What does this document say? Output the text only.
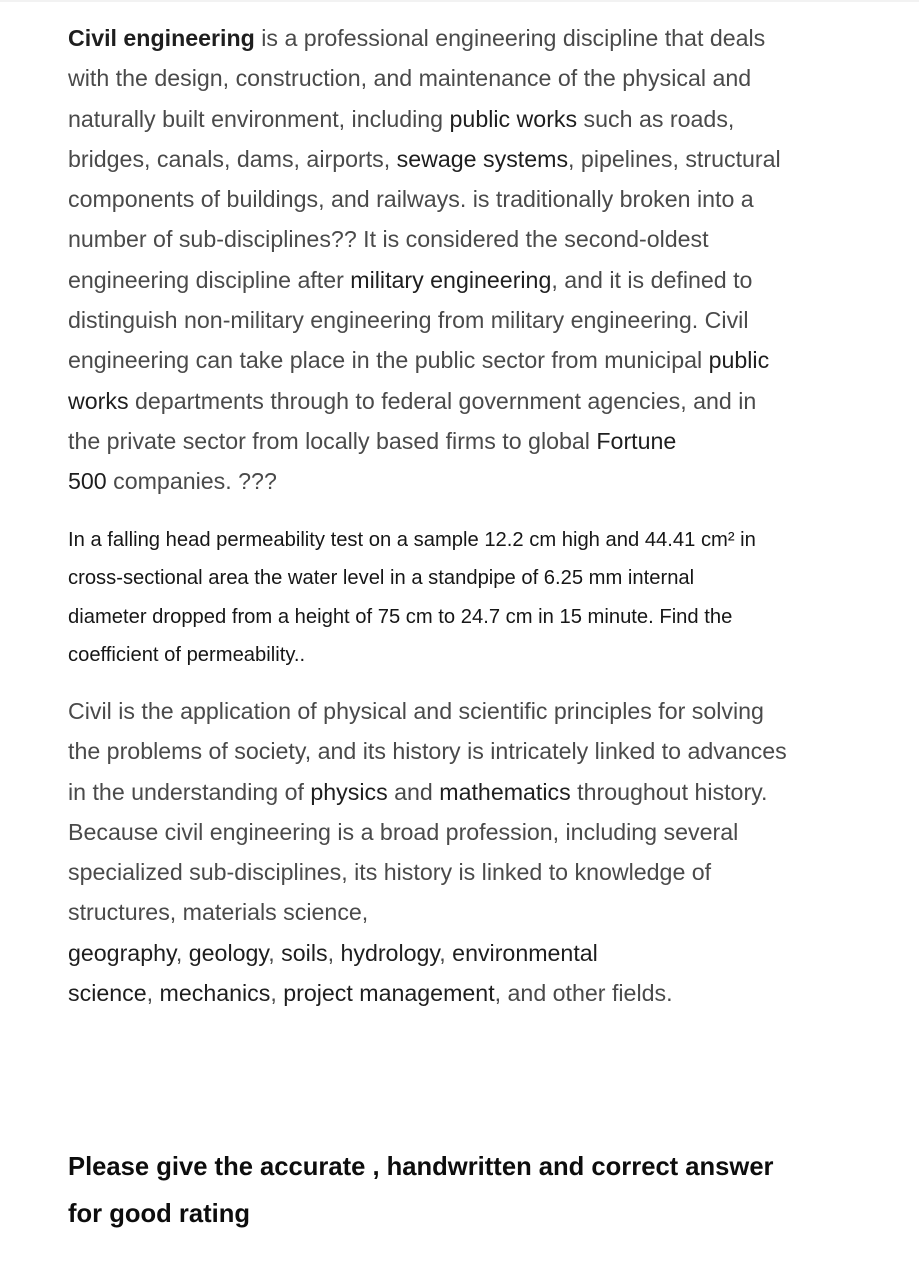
Civil engineering is a professional engineering discipline that deals
with the design, construction, and maintenance of the physical and
naturally built environment, including public works such as roads,
bridges, canals, dams, airports, sewage systems, pipelines, structural
components of buildings, and railways. is traditionally broken into a
number of sub-disciplines?? It is considered the second-oldest
engineering discipline after military engineering, and it is defined to
distinguish non-military engineering from military engineering. Civil
engineering can take place in the public sector from municipal public
works departments through to federal government agencies, and in
the private sector from locally based firms to global Fortune
500 companies. ???
In a falling head permeability test on a sample 12.2 cm high and 44.41 cm² in
cross-sectional area the water level in a standpipe of 6.25 mm internal
diameter dropped from a height of 75 cm to 24.7 cm in 15 minute. Find the
coefficient of permeability..
Civil is the application of physical and scientific principles for solving
the problems of society, and its history is intricately linked to advances
in the understanding of physics and mathematics throughout history.
Because civil engineering is a broad profession, including several
specialized sub-disciplines, its history is linked to knowledge of
structures, materials science,
geography, geology, soils, hydrology, environmental
science, mechanics, project management, and other fields.
Please give the accurate , handwritten and correct answer
for good rating
